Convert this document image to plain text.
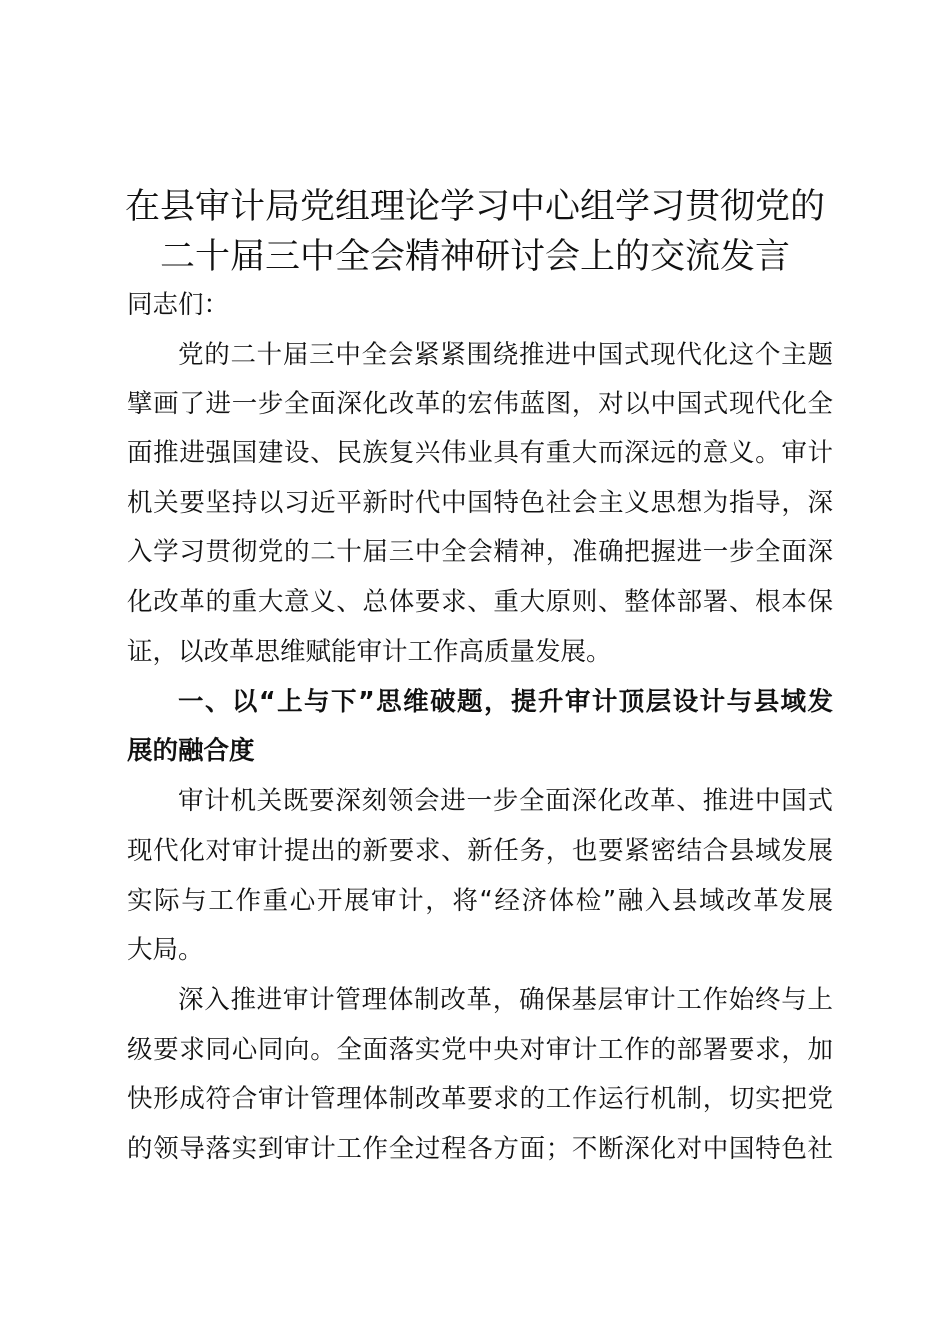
在县审计局党组理论学习中心组学习贯彻党的
二十届三中全会精神研讨会上的交流发言

同志们：

党的二十届三中全会紧紧围绕推进中国式现代化这个主题

擘画了进一步全面深化改革的宏伟蓝图，对以中国式现代化全

面推进强国建设、民族复兴伟业具有重大而深远的意义。审计

机关要坚持以习近平新时代中国特色社会主义思想为指导，深

入学习贯彻党的二十届三中全会精神，准确把握进一步全面深

化改革的重大意义、总体要求、重大原则、整体部署、根本保

证，以改革思维赋能审计工作高质量发展。

一、以“上与下”思维破题，提升审计顶层设计与县域发

展的融合度

审计机关既要深刻领会进一步全面深化改革、推进中国式

现代化对审计提出的新要求、新任务，也要紧密结合县域发展

实际与工作重心开展审计，将“经济体检”融入县域改革发展

大局。

深入推进审计管理体制改革，确保基层审计工作始终与上

级要求同心同向。全面落实党中央对审计工作的部署要求，加

快形成符合审计管理体制改革要求的工作运行机制，切实把党

的领导落实到审计工作全过程各方面；不断深化对中国特色社
